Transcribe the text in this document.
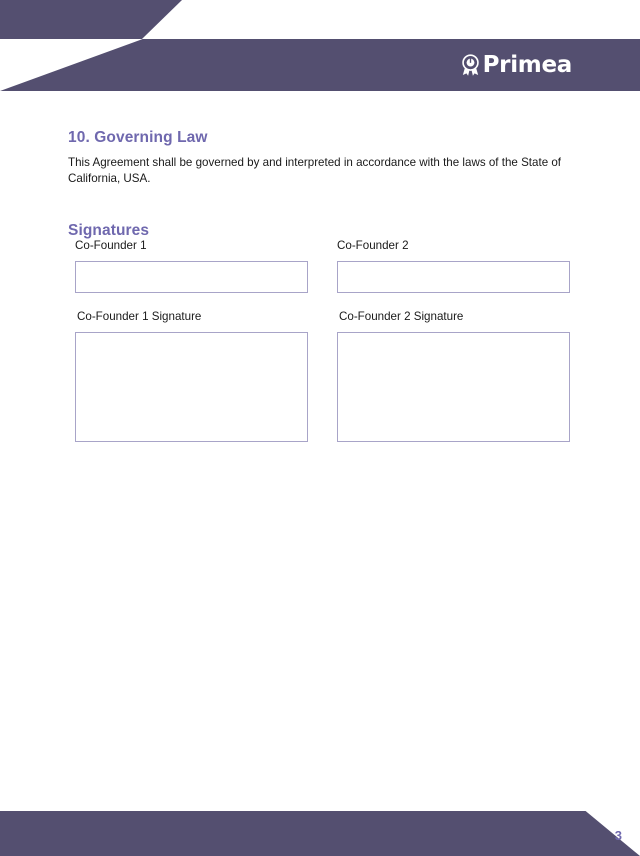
Primea
10. Governing Law

This Agreement shall be governed by and interpreted in accordance with the laws of the State of California, USA.

Signatures
Co-Founder 1	Co-Founder 2
Co-Founder 1 Signature	Co-Founder 2 Signature
3
